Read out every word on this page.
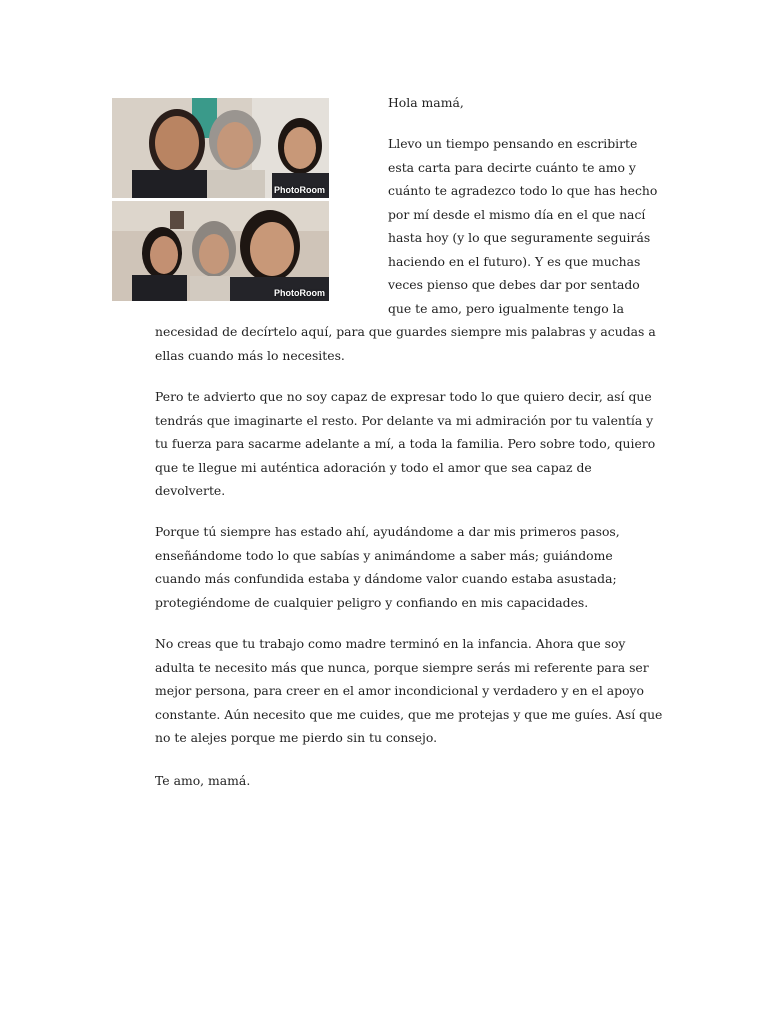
PhotoRoom
PhotoRoom
Hola mamá,
Llevo un tiempo pensando en escribirte
esta carta para decirte cuánto te amo y
cuánto te agradezco todo lo que has hecho
por mí desde el mismo día en el que nací
hasta hoy (y lo que seguramente seguirás
haciendo en el futuro). Y es que muchas
veces pienso que debes dar por sentado
que te amo, pero igualmente tengo la
necesidad de decírtelo aquí, para que guardes siempre mis palabras y acudas a
ellas cuando más lo necesites.
Pero te advierto que no soy capaz de expresar todo lo que quiero decir, así que
tendrás que imaginarte el resto. Por delante va mi admiración por tu valentía y
tu fuerza para sacarme adelante a mí, a toda la familia. Pero sobre todo, quiero
que te llegue mi auténtica adoración y todo el amor que sea capaz de
devolverte.
Porque tú siempre has estado ahí, ayudándome a dar mis primeros pasos,
enseñándome todo lo que sabías y animándome a saber más; guiándome
cuando más confundida estaba y dándome valor cuando estaba asustada;
protegiéndome de cualquier peligro y confiando en mis capacidades.
No creas que tu trabajo como madre terminó en la infancia. Ahora que soy
adulta te necesito más que nunca, porque siempre serás mi referente para ser
mejor persona, para creer en el amor incondicional y verdadero y en el apoyo
constante. Aún necesito que me cuides, que me protejas y que me guíes. Así que
no te alejes porque me pierdo sin tu consejo.
Te amo, mamá.
